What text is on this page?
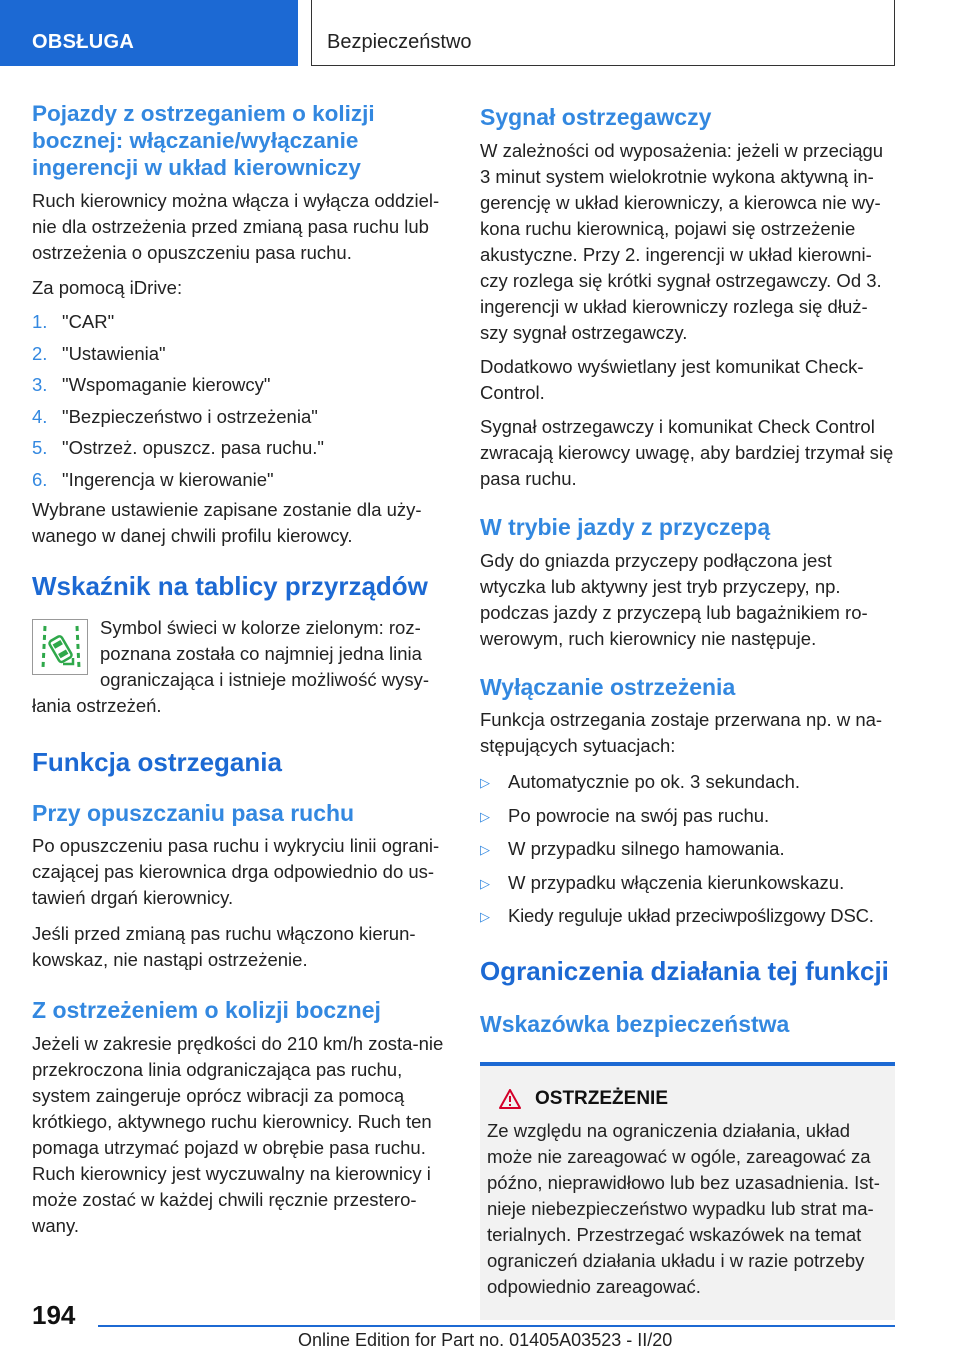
OBSŁUGA	Bezpieczeństwo
Pojazdy z ostrzeganiem o kolizji bocznej: włączanie/wyłączanie ingerencji w układ kierowniczy

Ruch kierownicy można włącza i wyłącza oddziel-nie dla ostrzeżenia przed zmianą pasa ruchu lub ostrzeżenia o opuszczeniu pasa ruchu.

Za pomocą iDrive:

1. "CAR"
2. "Ustawienia"
3. "Wspomaganie kierowcy"
4. "Bezpieczeństwo i ostrzeżenia"
5. "Ostrzeż. opuszcz. pasa ruchu."
6. "Ingerencja w kierowanie"

Wybrane ustawienie zapisane zostanie dla uży-wanego w danej chwili profilu kierowcy.

Wskaźnik na tablicy przyrządów

Symbol świeci w kolorze zielonym: roz-poznana została co najmniej jedna linia ograniczająca i istnieje możliwość wysy-łania ostrzeżeń.

Funkcja ostrzegania
Przy opuszczaniu pasa ruchu

Po opuszczeniu pasa ruchu i wykryciu linii ograni-czającej pas kierownica drga odpowiednio do us-tawień drgań kierownicy.

Jeśli przed zmianą pas ruchu włączono kierun-kowskaz, nie nastąpi ostrzeżenie.

Z ostrzeżeniem o kolizji bocznej

Jeżeli w zakresie prędkości do 210 km/h zosta-nie przekroczona linia odgraniczająca pas ruchu, system zaingeruje oprócz wibracji za pomocą krótkiego, aktywnego ruchu kierownicy. Ruch ten pomaga utrzymać pojazd w obrębie pasa ruchu. Ruch kierownicy jest wyczuwalny na kierownicy i może zostać w każdej chwili ręcznie przestero-wany.

Sygnał ostrzegawczy

W zależności od wyposażenia: jeżeli w przeciągu 3 minut system wielokrotnie wykona aktywną in-gerencję w układ kierowniczy, a kierowca nie wy-kona ruchu kierownicą, pojawi się ostrzeżenie akustyczne. Przy 2. ingerencji w układ kierowni-czy rozlega się krótki sygnał ostrzegawczy. Od 3. ingerencji w układ kierowniczy rozlega się dłuż-szy sygnał ostrzegawczy.

Dodatkowo wyświetlany jest komunikat Check-Control.

Sygnał ostrzegawczy i komunikat Check Control zwracają kierowcy uwagę, aby bardziej trzymał się pasa ruchu.

W trybie jazdy z przyczepą

Gdy do gniazda przyczepy podłączona jest wtyczka lub aktywny jest tryb przyczepy, np. podczas jazdy z przyczepą lub bagażnikiem ro-werowym, ruch kierownicy nie następuje.

Wyłączanie ostrzeżenia

Funkcja ostrzegania zostaje przerwana np. w na-stępujących sytuacjach:

▷ Automatycznie po ok. 3 sekundach.
▷ Po powrocie na swój pas ruchu.
▷ W przypadku silnego hamowania.
▷ W przypadku włączenia kierunkowskazu.
▷ Kiedy reguluje układ przeciwpoślizgowy DSC.
Ograniczenia działania tej funkcji
Wskazówka bezpieczeństwa
OSTRZEŻENIE

Ze względu na ograniczenia działania, układ może nie zareagować w ogóle, zareagować za późno, nieprawidłowo lub bez uzasadnienia. Ist-nieje niebezpieczeństwo wypadku lub strat ma-terialnych. Przestrzegać wskazówek na temat ograniczeń działania układu i w razie potrzeby odpowiednio zareagować.

194
Online Edition for Part no. 01405A03523 - II/20
